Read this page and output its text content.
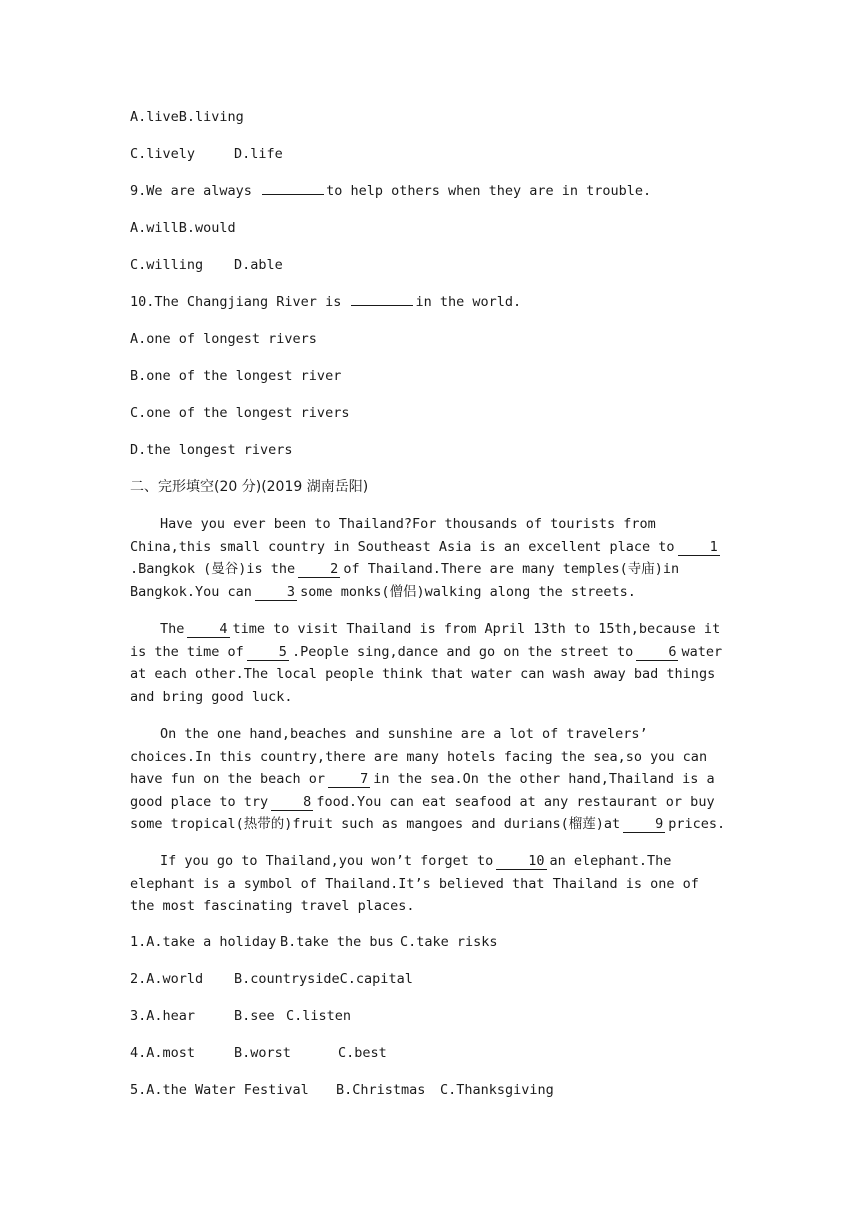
A.liveB.living

C.lively	D.life

9.We are always	to help others when they are in trouble.

A.willB.would

C.willing D.able

10.The Changjiang River is	in the world.

A.one of longest rivers

B.one of the longest river

C.one of the longest rivers

D.the longest rivers

二、完形填空(20 分)(2019 湖南岳阳)

Have you ever been to Thailand?For thousands of tourists from China,this small country in Southeast Asia is an excellent place to	1.Bangkok (曼谷)is the	2 of Thailand.There are many temples(寺庙)in Bangkok.You can	3 some monks(僧侣)walking along the streets.

The	4 time to visit Thailand is from April 13th to 15th,because it is the time of	5 .People sing,dance and go on the street to	6 water at each other.The local people think that water can wash away bad things and bring good luck.

On the one hand,beaches and sunshine are a lot of travelers’ choices.In this country,there are many hotels facing the sea,so you can have fun on the beach or	7 in the sea.On the other hand,Thailand is a good place to try	8 food.You can eat seafood at any restaurant or buy some tropical(热带的)fruit such as mangoes and durians(榴莲)at	9 prices.

If you go to Thailand,you won’t forget to	10 an elephant.The elephant is a symbol of Thailand.It’s believed that Thailand is one of the most fascinating travel places.

1.A.take a holiday B.take the bus C.take risks

2.A.world B.countrysideC.capital

3.A.hear	B.see C.listen

4.A.most	B.worst	C.best

5.A.the Water Festival B.Christmas C.Thanksgiving
